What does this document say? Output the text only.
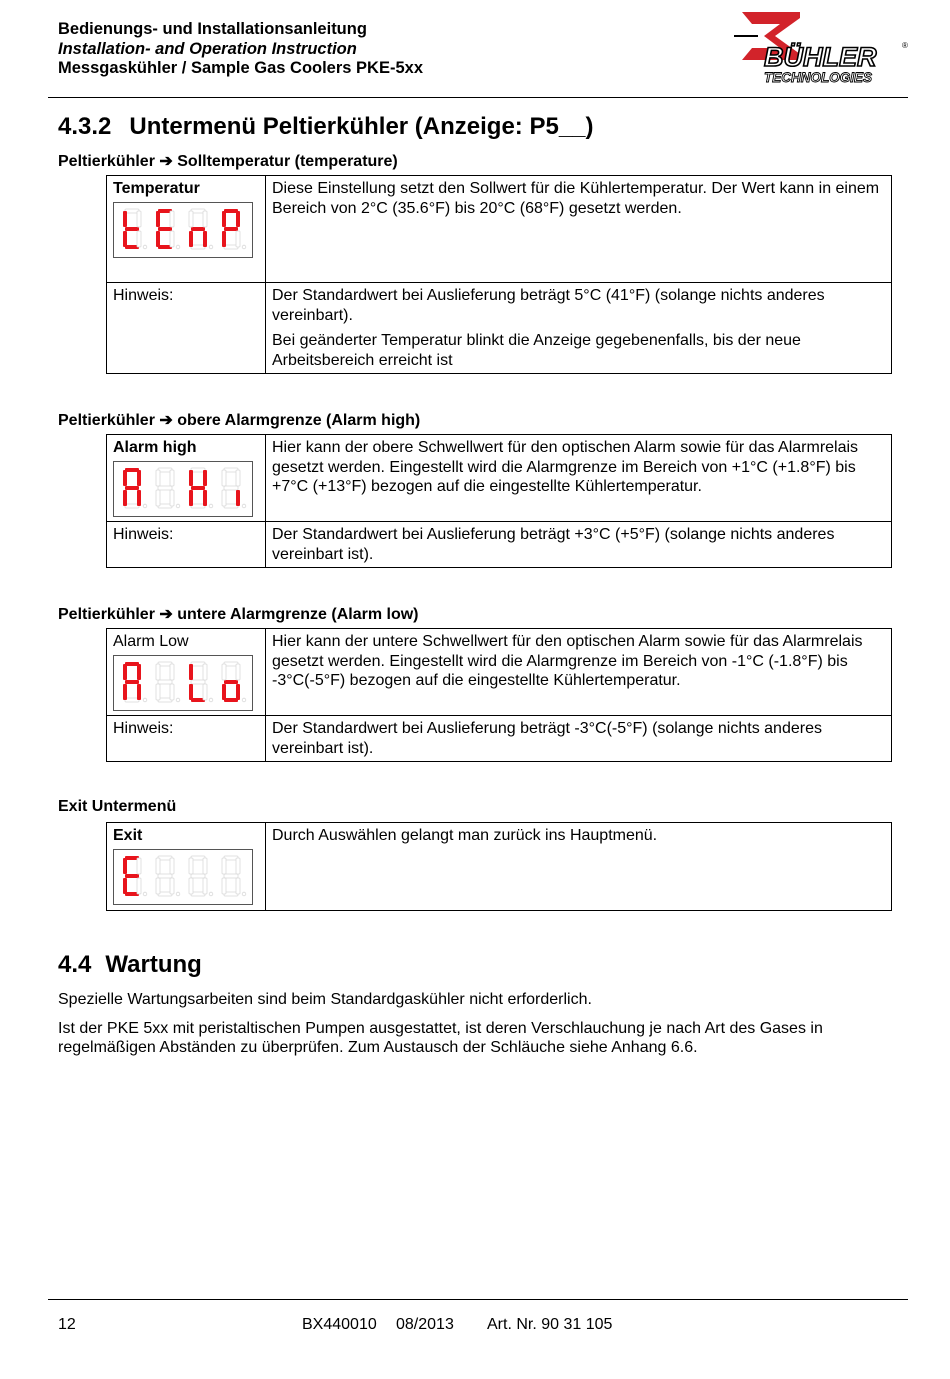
Bedienungs- und Installationsanleitung
Installation- and Operation Instruction
Messgaskühler / Sample Gas Coolers PKE-5xx	BÜHLER	®
TECHNOLOGIES
4.3.2 Untermenü Peltierkühler (Anzeige: P5__)
Peltierkühler ➔ Solltemperatur (temperature)
Temperatur	Diese Einstellung setzt den Sollwert für die Kühlertemperatur. Der Wert kann in einem Bereich von 2°C (35.6°F) bis 20°C (68°F) gesetzt werden.
Hinweis:	Der Standardwert bei Auslieferung beträgt 5°C (41°F) (solange nichts anderes vereinbart).
Bei geänderter Temperatur blinkt die Anzeige gegebenenfalls, bis der neue Arbeitsbereich erreicht ist
Peltierkühler ➔ obere Alarmgrenze (Alarm high)
Alarm high	Hier kann der obere Schwellwert für den optischen Alarm sowie für das Alarmrelais gesetzt werden. Eingestellt wird die Alarmgrenze im Bereich von +1°C (+1.8°F) bis +7°C (+13°F) bezogen auf die eingestellte Kühlertemperatur.
Hinweis:	Der Standardwert bei Auslieferung beträgt +3°C (+5°F) (solange nichts anderes vereinbart ist).
Peltierkühler ➔ untere Alarmgrenze (Alarm low)
Alarm Low	Hier kann der untere Schwellwert für den optischen Alarm sowie für das Alarmrelais gesetzt werden. Eingestellt wird die Alarmgrenze im Bereich von -1°C (-1.8°F) bis -3°C(-5°F) bezogen auf die eingestellte Kühlertemperatur.
Hinweis:	Der Standardwert bei Auslieferung beträgt -3°C(-5°F) (solange nichts anderes vereinbart ist).
Exit Untermenü
Exit	Durch Auswählen gelangt man zurück ins Hauptmenü.
4.4 Wartung

Spezielle Wartungsarbeiten sind beim Standardgaskühler nicht erforderlich.

Ist der PKE 5xx mit peristaltischen Pumpen ausgestattet, ist deren Verschlauchung je nach Art des Gases in regelmäßigen Abständen zu überprüfen. Zum Austausch der Schläuche siehe Anhang 6.6.

12	BX440010 08/2013 Art. Nr. 90 31 105
